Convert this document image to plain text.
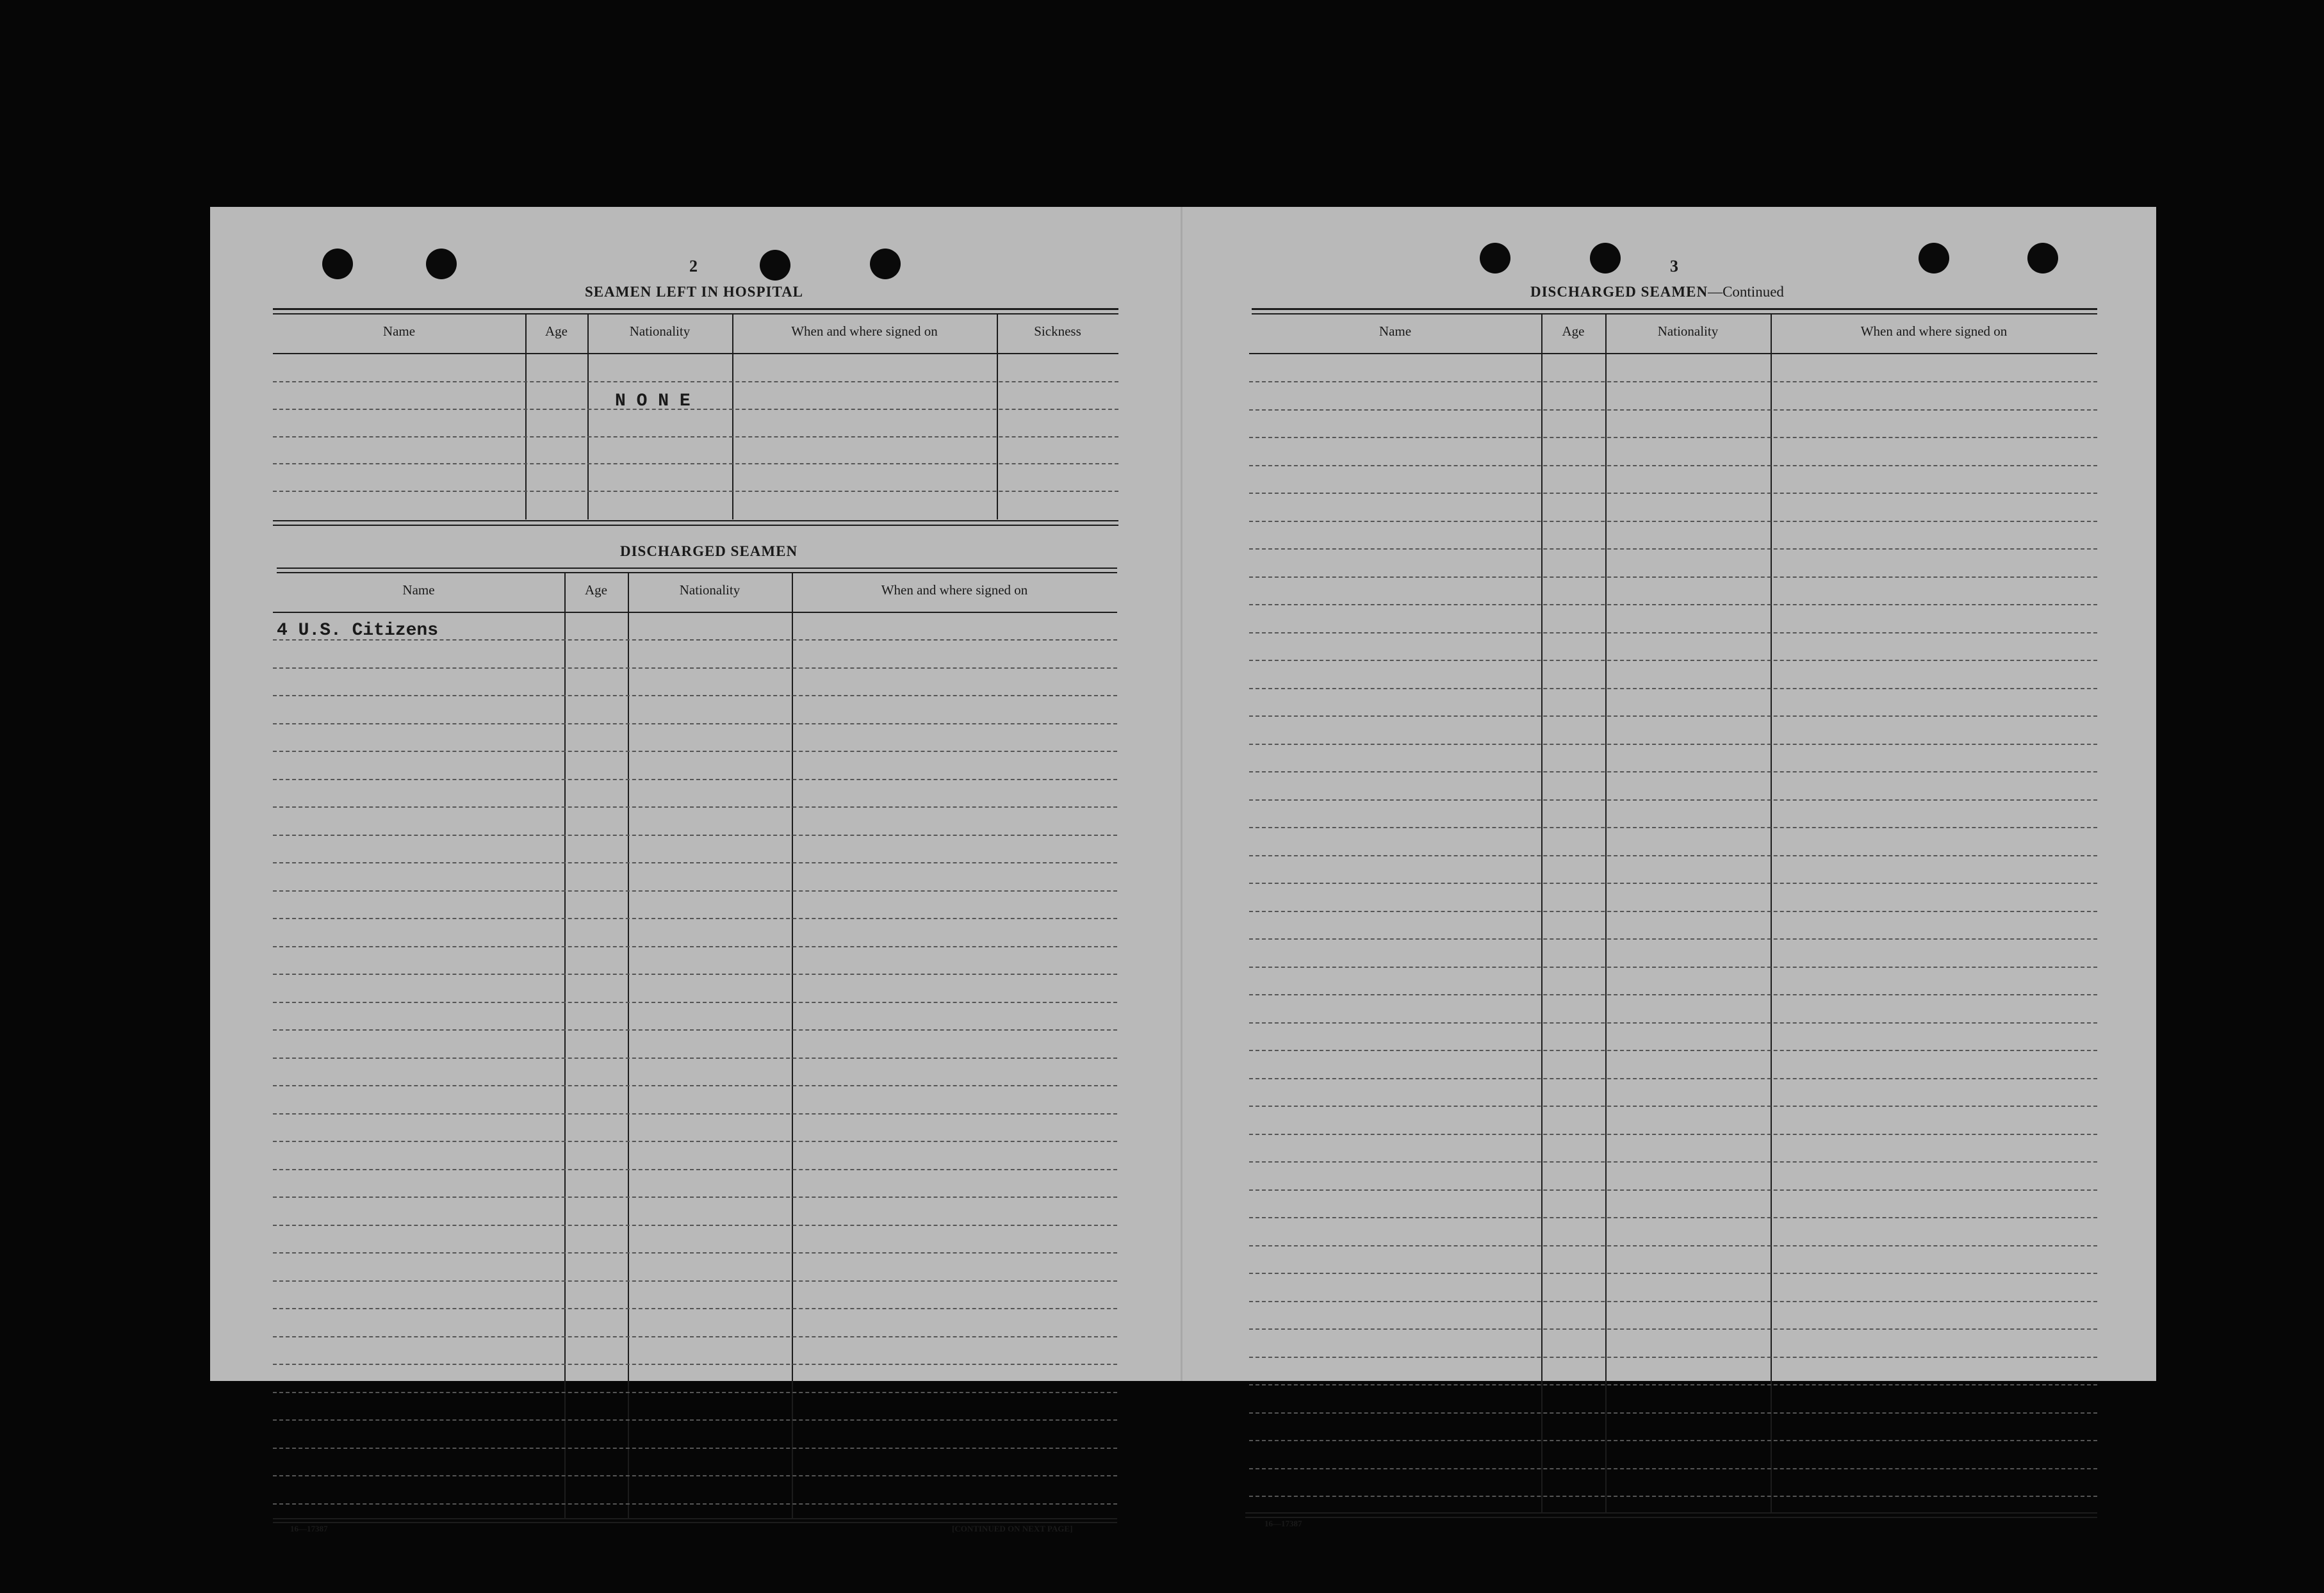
2
SEAMEN LEFT IN HOSPITAL
Name	Age	Nationality	When and where signed on	Sickness
N O N E
DISCHARGED SEAMEN
Name	Age	Nationality	When and where signed on
4 U.S. Citizens
16—17387	[CONTINUED ON NEXT PAGE]
3
DISCHARGED SEAMEN—Continued
Name	Age	Nationality	When and where signed on
16—17387
